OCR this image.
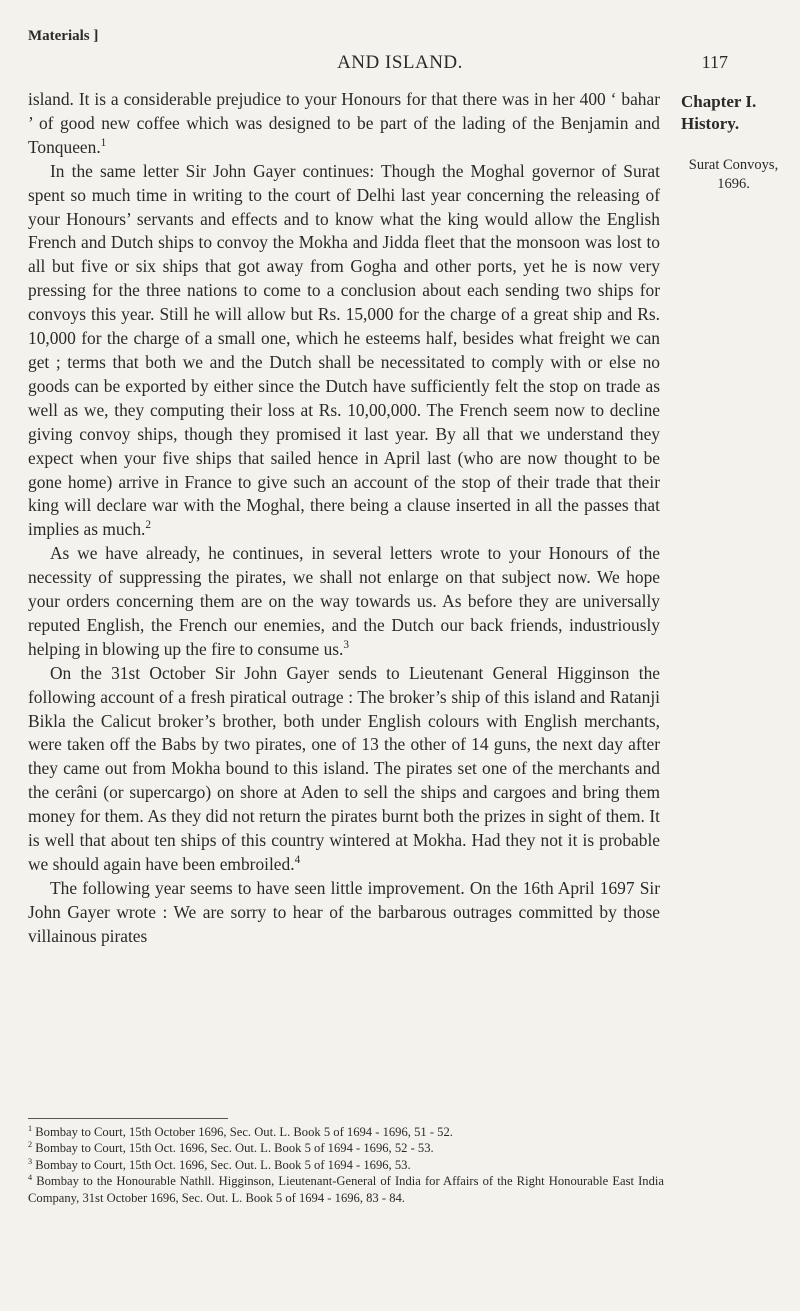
Materials ]
AND ISLAND.	117

island. It is a considerable prejudice to your Honours for that there was in her 400 ‘ bahar ’ of good new coffee which was designed to be part of the lading of the Benjamin and Tonqueen.$^1$

In the same letter Sir John Gayer continues: Though the Moghal governor of Surat spent so much time in writing to the court of Delhi last year concerning the releasing of your Honours’ servants and effects and to know what the king would allow the English French and Dutch ships to convoy the Mokha and Jidda fleet that the monsoon was lost to all but five or six ships that got away from Gogha and other ports, yet he is now very pressing for the three nations to come to a conclusion about each sending two ships for convoys this year. Still he will allow but Rs. 15,000 for the charge of a great ship and Rs. 10,000 for the charge of a small one, which he esteems half, besides what freight we can get ; terms that both we and the Dutch shall be necessitated to comply with or else no goods can be exported by either since the Dutch have sufficiently felt the stop on trade as well as we, they computing their loss at Rs. 10,00,000. The French seem now to decline giving convoy ships, though they promised it last year. By all that we understand they expect when your five ships that sailed hence in April last (who are now thought to be gone home) arrive in France to give such an account of the stop of their trade that their king will declare war with the Moghal, there being a clause inserted in all the passes that implies as much.$^2$

As we have already, he continues, in several letters wrote to your Honours of the necessity of suppressing the pirates, we shall not enlarge on that subject now. We hope your orders concerning them are on the way towards us. As before they are universally reputed English, the French our enemies, and the Dutch our back friends, industriously helping in blowing up the fire to consume us.$^3$

On the 31st October Sir John Gayer sends to Lieutenant General Higginson the following account of a fresh piratical outrage : The broker’s ship of this island and Ratanji Bikla the Calicut broker’s brother, both under English colours with English merchants, were taken off the Babs by two pirates, one of 13 the other of 14 guns, the next day after they came out from Mokha bound to this island. The pirates set one of the merchants and the cerâni (or supercargo) on shore at Aden to sell the ships and cargoes and bring them money for them. As they did not return the pirates burnt both the prizes in sight of them. It is well that about ten ships of this country wintered at Mokha. Had they not it is probable we should again have been embroiled.$^4$

The following year seems to have seen little improvement. On the 16th April 1697 Sir John Gayer wrote : We are sorry to hear of the barbarous outrages committed by those villainous pirates

Chapter I.
History.
Surat Convoys,
1696.

$^1$ Bombay to Court, 15th October 1696, Sec. Out. L. Book 5 of 1694 - 1696, 51 - 52.

$^2$ Bombay to Court, 15th Oct. 1696, Sec. Out. L. Book 5 of 1694 - 1696, 52 - 53.

$^3$ Bombay to Court, 15th Oct. 1696, Sec. Out. L. Book 5 of 1694 - 1696, 53.

$^4$ Bombay to the Honourable Nathll. Higginson, Lieutenant-General of India for Affairs of the Right Honourable East India Company, 31st October 1696, Sec. Out. L. Book 5 of 1694 - 1696, 83 - 84.
